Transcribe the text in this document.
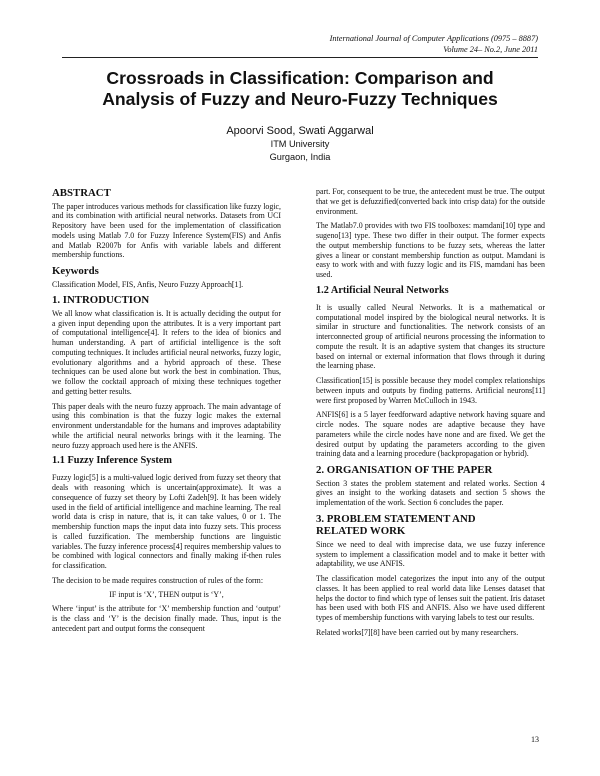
International Journal of Computer Applications (0975 – 8887)
Volume 24– No.2, June 2011
Crossroads in Classification: Comparison and
Analysis of Fuzzy and Neuro-Fuzzy Techniques
Apoorvi Sood, Swati Aggarwal
ITM University
Gurgaon, India
ABSTRACT

The paper introduces various methods for classification like fuzzy logic, and its combination with artificial neural networks. Datasets from UCI Repository have been used for the implementation of classification models using Matlab 7.0 for Fuzzy Inference System(FIS) and Anfis and Matlab R2007b for Anfis with variable labels and different membership functions.

Keywords

Classification Model, FIS, Anfis, Neuro Fuzzy Approach[1].

1. INTRODUCTION

We all know what classification is. It is actually deciding the output for a given input depending upon the attributes. It is a very important part of computational intelligence[4]. It refers to the idea of bionics and human understanding. A part of artificial intelligence is the soft computing techniques. It includes artificial neural networks, fuzzy logic, evolutionary algorithms and a hybrid approach of these. These techniques can be used alone but work the best in combination. Thus, we follow the cocktail approach of mixing these techniques together and getting better results.

This paper deals with the neuro fuzzy approach. The main advantage of using this combination is that the fuzzy logic makes the external environment understandable for the humans and improves adaptability while the artificial neural networks brings with it the learning. The neuro fuzzy approach used here is the ANFIS.

1.1 Fuzzy Inference System

Fuzzy logic[5] is a multi-valued logic derived from fuzzy set theory that deals with reasoning which is uncertain(approximate). It was a consequence of fuzzy set theory by Lofti Zadeh[9]. It has been widely used in the field of artificial intelligence and machine learning. The real world data is crisp in nature, that is, it can take values, 0 or 1. The membership function maps the input data into fuzzy sets. This process is called fuzzification. The membership functions are linguistic variables. The fuzzy inference process[4] requires membership values to be combined with logical connectors and finally making if-then rules for classification.

The decision to be made requires construction of rules of the form:

IF input is ‘X’, THEN output is ‘Y’,

Where ‘input’ is the attribute for ‘X’ membership function and ‘output’ is the class and ‘Y’ is the decision finally made. Thus, input is the antecedent part and output forms the consequent

part. For, consequent to be true, the antecedent must be true. The output that we get is defuzzified(converted back into crisp data) for the outside environment.

The Matlab7.0 provides with two FIS toolboxes: mamdani[10] type and sugeno[13] type. These two differ in their output. The former expects the output membership functions to be fuzzy sets, whereas the latter gives a linear or constant membership function as output. Mamdani is easy to work with and with fuzzy logic and its FIS, mamdani has been used.

1.2 Artificial Neural Networks

It is usually called Neural Networks. It is a mathematical or computational model inspired by the biological neural networks. It is similar in structure and functionalities. The network consists of an interconnected group of artificial neurons processing the information to compute the result. It is an adaptive system that changes its structure based on internal or external information that flows through it during the learning phase.

Classification[15] is possible because they model complex relationships between inputs and outputs by finding patterns. Artificial neurons[11] were first proposed by Warren McCulloch in 1943.

ANFIS[6] is a 5 layer feedforward adaptive network having square and circle nodes. The square nodes are adaptive because they have parameters while the circle nodes have none and are fixed. We get the desired output by updating the parameters according to the given training data and a learning procedure (backpropagation or hybrid).

2. ORGANISATION OF THE PAPER

Section 3 states the problem statement and related works. Section 4 gives an insight to the working datasets and section 5 shows the implementation of the work. Section 6 concludes the paper.

3. PROBLEM STATEMENT AND
RELATED WORK

Since we need to deal with imprecise data, we use fuzzy inference system to implement a classification model and to make it better with adaptability, we use ANFIS.

The classification model categorizes the input into any of the output classes. It has been applied to real world data like Lenses dataset that helps the doctor to find which type of lenses suit the patient. Iris dataset has been used with both FIS and ANFIS. Also we have used different types of membership functions with varying labels to test our results.

Related works[7][8] have been carried out by many researchers.

13
